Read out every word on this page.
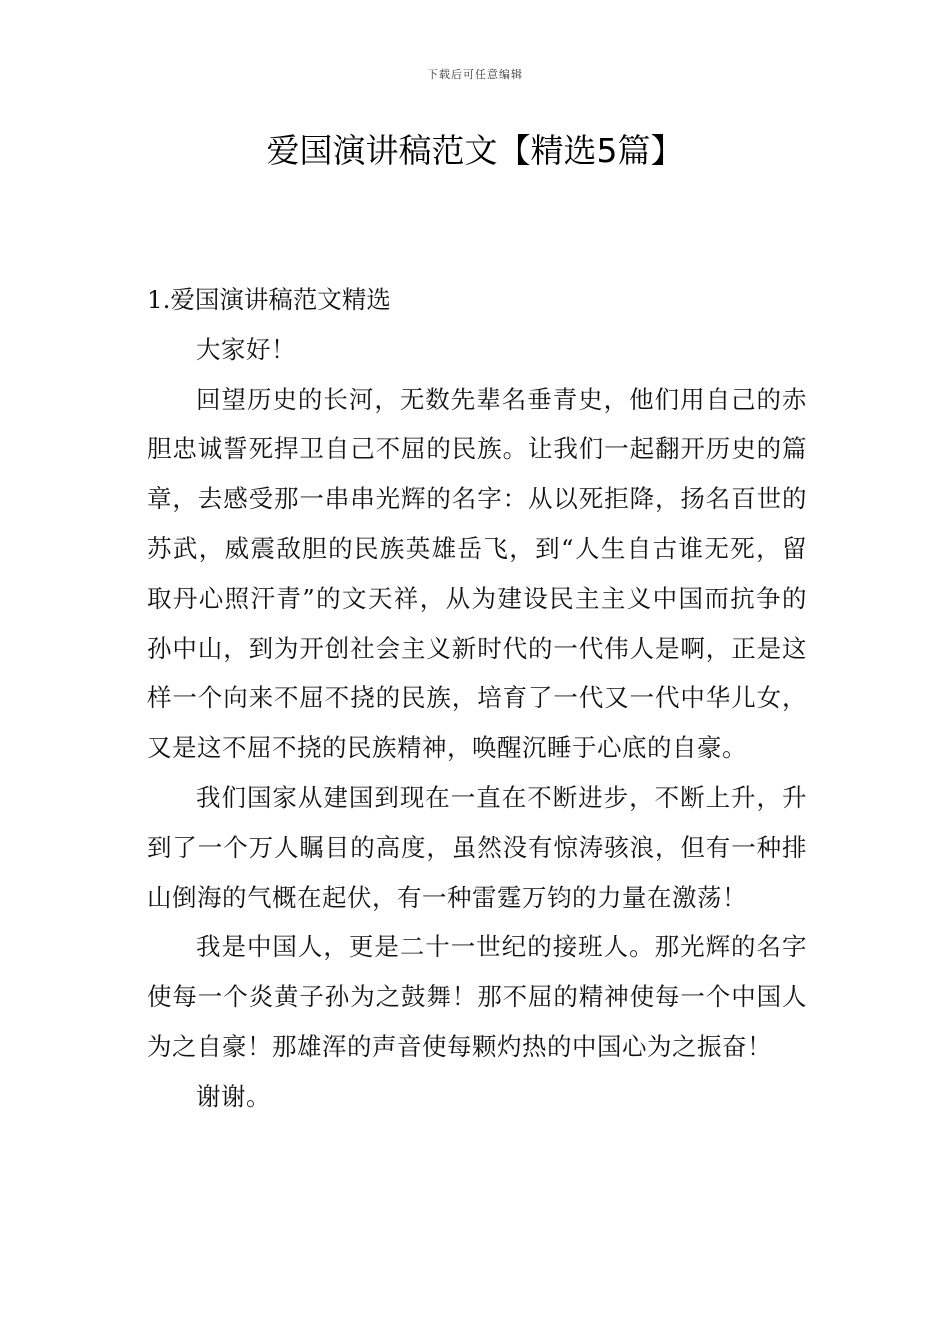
下载后可任意编辑
爱国演讲稿范文【精选5篇】
1.爱国演讲稿范文精选

大家好！

回望历史的长河，无数先辈名垂青史，他们用自己的赤胆忠诚誓死捍卫自己不屈的民族。让我们一起翻开历史的篇章，去感受那一串串光辉的名字：从以死拒降，扬名百世的苏武，威震敌胆的民族英雄岳飞，到“人生自古谁无死，留取丹心照汗青”的文天祥，从为建设民主主义中国而抗争的孙中山，到为开创社会主义新时代的一代伟人是啊，正是这样一个向来不屈不挠的民族，培育了一代又一代中华儿女，又是这不屈不挠的民族精神，唤醒沉睡于心底的自豪。

我们国家从建国到现在一直在不断进步，不断上升，升到了一个万人瞩目的高度，虽然没有惊涛骇浪，但有一种排山倒海的气概在起伏，有一种雷霆万钧的力量在激荡！

我是中国人，更是二十一世纪的接班人。那光辉的名字使每一个炎黄子孙为之鼓舞！那不屈的精神使每一个中国人为之自豪！那雄浑的声音使每颗灼热的中国心为之振奋！

谢谢。
